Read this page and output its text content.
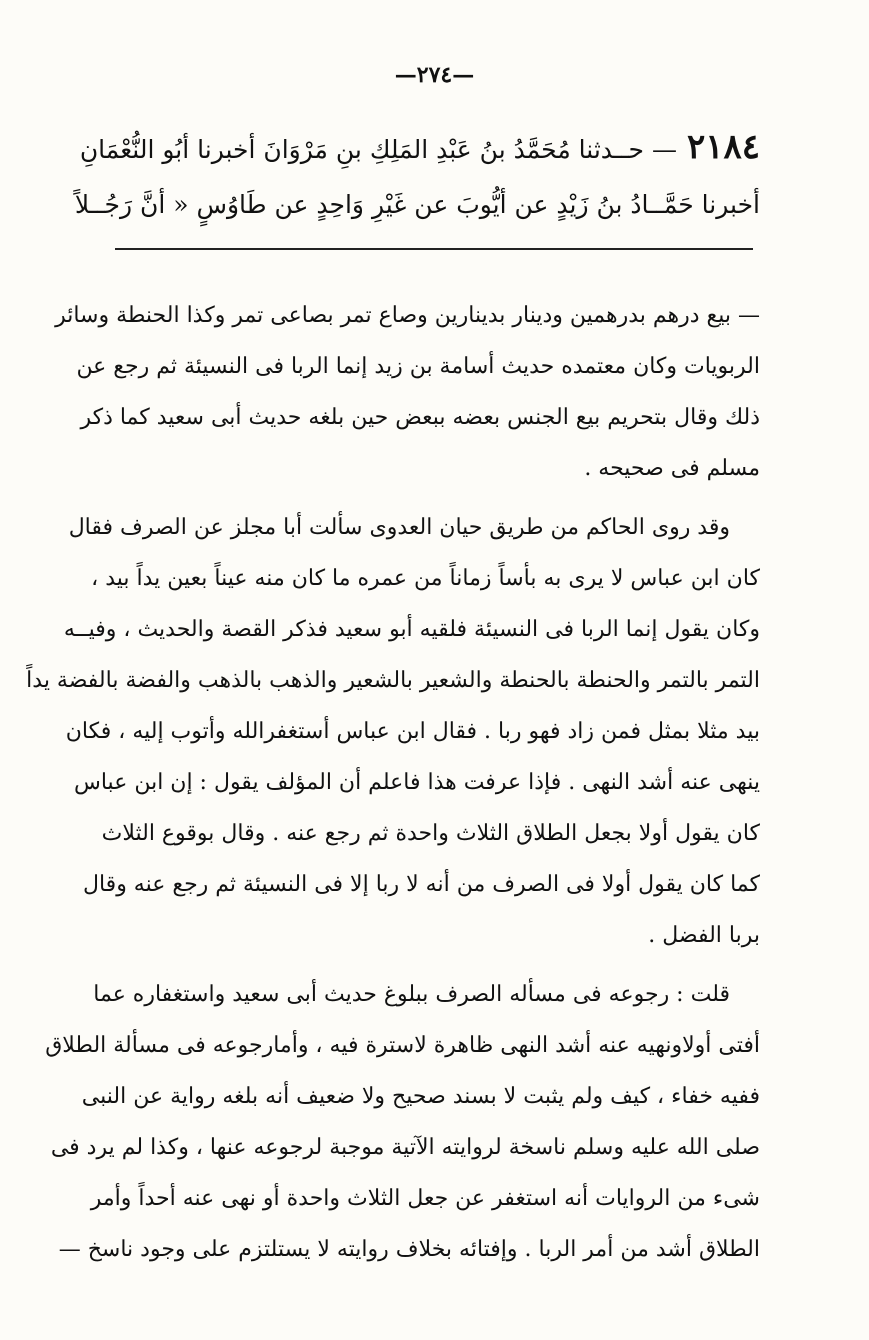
—٢٧٤—
٢١٨٤— حــدثنا مُحَمَّدُ بنُ عَبْدِ المَلِكِ بنِ مَرْوَانَ أخبرنا أبُو النُّعْمَانِ
أخبرنا حَمَّــادُ بنُ زَيْدٍ عن أيُّوبَ عن غَيْرِ وَاحِدٍ عن طَاوُسٍ « أنَّ رَجُــلاً

— بيع درهم بدرهمين ودينار بدينارين وصاع تمر بصاعى تمر وكذا الحنطة وسائر
الربويات وكان معتمده حديث أسامة بن زيد إنما الربا فى النسيئة ثم رجع عن
ذلك وقال بتحريم بيع الجنس بعضه ببعض حين بلغه حديث أبى سعيد كما ذكر
مسلم فى صحيحه .

وقد روى الحاكم من طريق حيان العدوى سألت أبا مجلز عن الصرف فقال
كان ابن عباس لا يرى به بأساً زماناً من عمره ما كان منه عيناً بعين يداً بيد ،
وكان يقول إنما الربا فى النسيئة فلقيه أبو سعيد فذكر القصة والحديث ، وفيــه
التمر بالتمر والحنطة بالحنطة والشعير بالشعير والذهب بالذهب والفضة بالفضة يداً
بيد مثلا بمثل فمن زاد فهو ربا . فقال ابن عباس أستغفرالله وأتوب إليه ، فكان
ينهى عنه أشد النهى . فإذا عرفت هذا فاعلم أن المؤلف يقول : إن ابن عباس
كان يقول أولا بجعل الطلاق الثلاث واحدة ثم رجع عنه . وقال بوقوع الثلاث
كما كان يقول أولا فى الصرف من أنه لا ربا إلا فى النسيئة ثم رجع عنه وقال
بربا الفضل .

قلت : رجوعه فى مسأله الصرف ببلوغ حديث أبى سعيد واستغفاره عما
أفتى أولاونهيه عنه أشد النهى ظاهرة لاسترة فيه ، وأمارجوعه فى مسألة الطلاق
ففيه خفاء ، كيف ولم يثبت لا بسند صحيح ولا ضعيف أنه بلغه رواية عن النبى
صلى الله عليه وسلم ناسخة لروايته الآتية موجبة لرجوعه عنها ، وكذا لم يرد فى
شىء من الروايات أنه استغفر عن جعل الثلاث واحدة أو نهى عنه أحداً وأمر
الطلاق أشد من أمر الربا . وإفتائه بخلاف روايته لا يستلتزم على وجود ناسخ —
